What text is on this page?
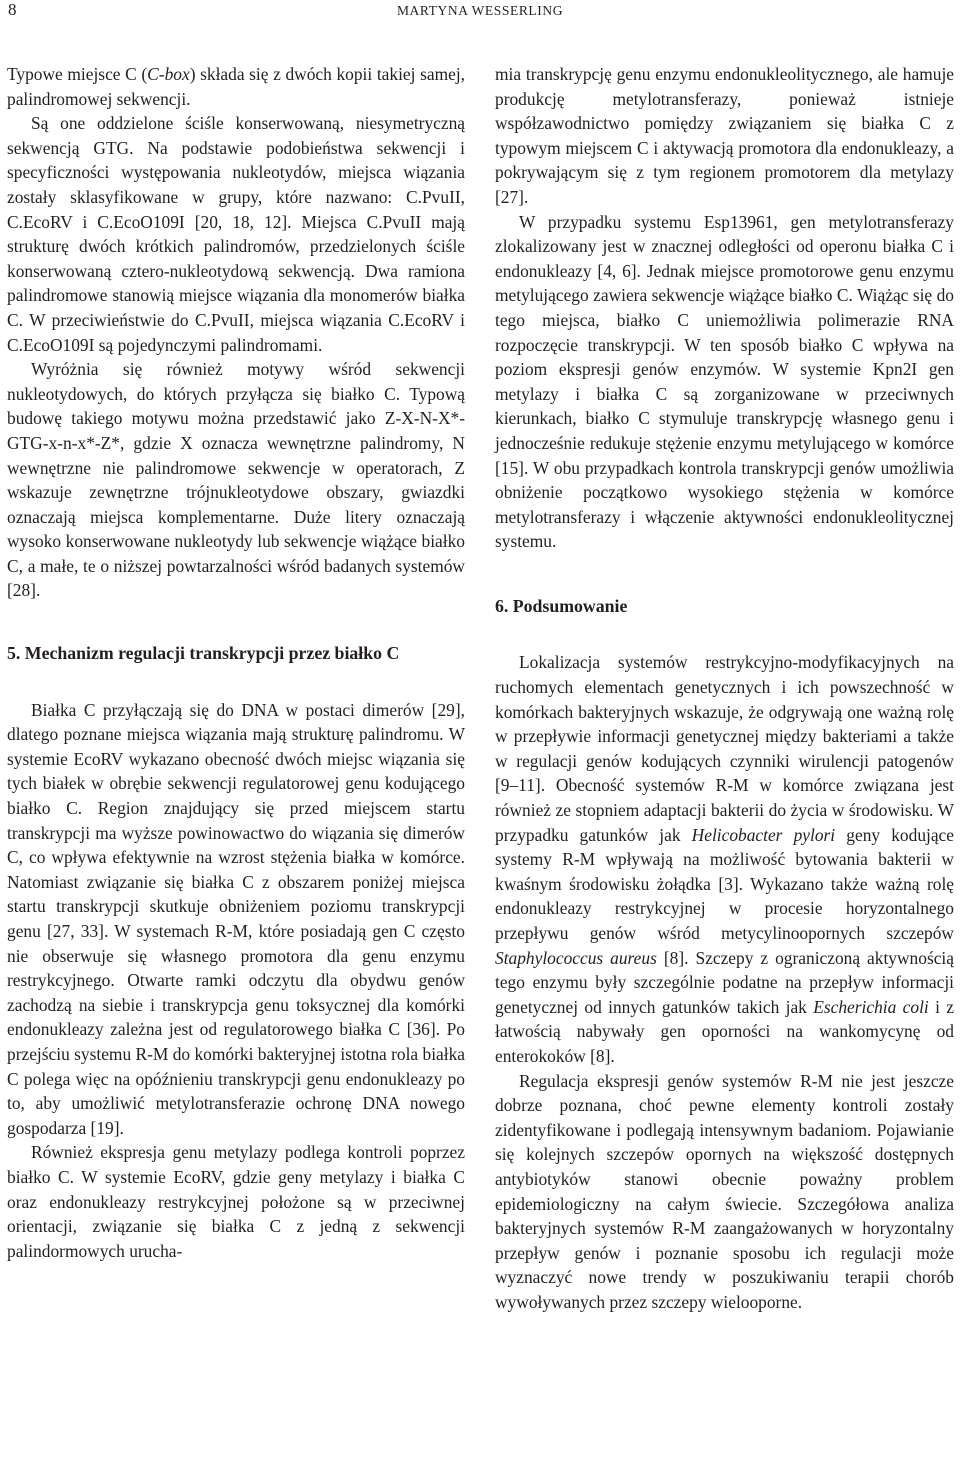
8	MARTYNA WESSERLING

Typowe miejsce C (C-box) składa się z dwóch kopii takiej samej, palindromowej sekwencji.

Są one oddzielone ściśle konserwowaną, niesymetryczną sekwencją GTG. Na podstawie podobieństwa sekwencji i specyficzności występowania nukleotydów, miejsca wiązania zostały sklasyfikowane w grupy, które nazwano: C.PvuII, C.EcoRV i C.EcoO109I [20, 18, 12]. Miejsca C.PvuII mają strukturę dwóch krótkich palindromów, przedzielonych ściśle konserwowaną cztero-nukleotydową sekwencją. Dwa ramiona palindromowe stanowią miejsce wiązania dla monomerów białka C. W przeciwieństwie do C.PvuII, miejsca wiązania C.EcoRV i C.EcoO109I są pojedynczymi palindromami.

Wyróżnia się również motywy wśród sekwencji nukleotydowych, do których przyłącza się białko C. Typową budowę takiego motywu można przedstawić jako Z-X-N-X*-GTG-x-n-x*-Z*, gdzie X oznacza wewnętrzne palindromy, N wewnętrzne nie palindromowe sekwencje w operatorach, Z wskazuje zewnętrzne trójnukleotydowe obszary, gwiazdki oznaczają miejsca komplementarne. Duże litery oznaczają wysoko konserwowane nukleotydy lub sekwencje wiążące białko C, a małe, te o niższej powtarzalności wśród badanych systemów [28].

5. Mechanizm regulacji transkrypcji przez białko C

Białka C przyłączają się do DNA w postaci dimerów [29], dlatego poznane miejsca wiązania mają strukturę palindromu. W systemie EcoRV wykazano obecność dwóch miejsc wiązania się tych białek w obrębie sekwencji regulatorowej genu kodującego białko C. Region znajdujący się przed miejscem startu transkrypcji ma wyższe powinowactwo do wiązania się dimerów C, co wpływa efektywnie na wzrost stężenia białka w komórce. Natomiast związanie się białka C z obszarem poniżej miejsca startu transkrypcji skutkuje obniżeniem poziomu transkrypcji genu [27, 33]. W systemach R-M, które posiadają gen C często nie obserwuje się własnego promotora dla genu enzymu restrykcyjnego. Otwarte ramki odczytu dla obydwu genów zachodzą na siebie i transkrypcja genu toksycznej dla komórki endonukleazy zależna jest od regulatorowego białka C [36]. Po przejściu systemu R-M do komórki bakteryjnej istotna rola białka C polega więc na opóźnieniu transkrypcji genu endonukleazy po to, aby umożliwić metylotransferazie ochronę DNA nowego gospodarza [19].

Również ekspresja genu metylazy podlega kontroli poprzez białko C. W systemie EcoRV, gdzie geny metylazy i białka C oraz endonukleazy restrykcyjnej położone są w przeciwnej orientacji, związanie się białka C z jedną z sekwencji palindormowych urucha-

mia transkrypcję genu enzymu endonukleolitycznego, ale hamuje produkcję metylotransferazy, ponieważ istnieje współzawodnictwo pomiędzy związaniem się białka C z typowym miejscem C i aktywacją promotora dla endonukleazy, a pokrywającym się z tym regionem promotorem dla metylazy [27].

W przypadku systemu Esp13961, gen metylotransferazy zlokalizowany jest w znacznej odległości od operonu białka C i endonukleazy [4, 6]. Jednak miejsce promotorowe genu enzymu metylującego zawiera sekwencje wiążące białko C. Wiążąc się do tego miejsca, białko C uniemożliwia polimerazie RNA rozpoczęcie transkrypcji. W ten sposób białko C wpływa na poziom ekspresji genów enzymów. W systemie Kpn2I gen metylazy i białka C są zorganizowane w przeciwnych kierunkach, białko C stymuluje transkrypcję własnego genu i jednocześnie redukuje stężenie enzymu metylującego w komórce [15]. W obu przypadkach kontrola transkrypcji genów umożliwia obniżenie początkowo wysokiego stężenia w komórce metylotransferazy i włączenie aktywności endonukleolitycznej systemu.

6. Podsumowanie

Lokalizacja systemów restrykcyjno-modyfikacyjnych na ruchomych elementach genetycznych i ich powszechność w komórkach bakteryjnych wskazuje, że odgrywają one ważną rolę w przepływie informacji genetycznej między bakteriami a także w regulacji genów kodujących czynniki wirulencji patogenów [9–11]. Obecność systemów R-M w komórce związana jest również ze stopniem adaptacji bakterii do życia w środowisku. W przypadku gatunków jak Helicobacter pylori geny kodujące systemy R-M wpływają na możliwość bytowania bakterii w kwaśnym środowisku żołądka [3]. Wykazano także ważną rolę endonukleazy restrykcyjnej w procesie horyzontalnego przepływu genów wśród metycylinoopornych szczepów Staphylococcus aureus [8]. Szczepy z ograniczoną aktywnością tego enzymu były szczególnie podatne na przepływ informacji genetycznej od innych gatunków takich jak Escherichia coli i z łatwością nabywały gen oporności na wankomycynę od enterokoków [8].

Regulacja ekspresji genów systemów R-M nie jest jeszcze dobrze poznana, choć pewne elementy kontroli zostały zidentyfikowane i podlegają intensywnym badaniom. Pojawianie się kolejnych szczepów opornych na większość dostępnych antybiotyków stanowi obecnie poważny problem epidemiologiczny na całym świecie. Szczegółowa analiza bakteryjnych systemów R-M zaangażowanych w horyzontalny przepływ genów i poznanie sposobu ich regulacji może wyznaczyć nowe trendy w poszukiwaniu terapii chorób wywoływanych przez szczepy wielooporne.
